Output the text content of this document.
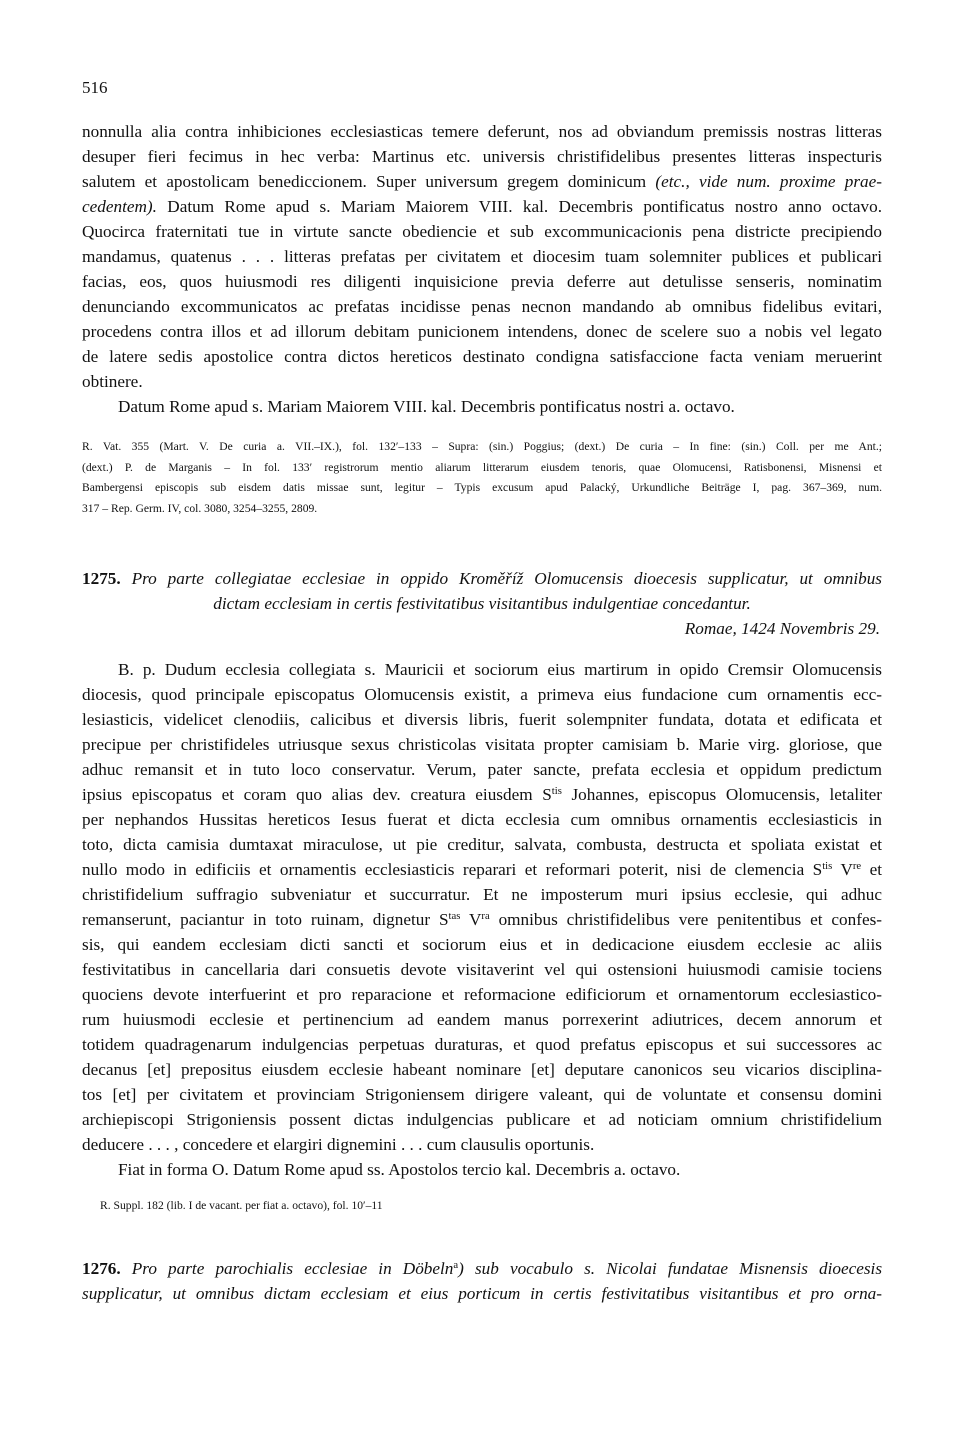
516
nonnulla alia contra inhibiciones ecclesiasticas temere deferunt, nos ad obviandum premissis nostras litteras
desuper fieri fecimus in hec verba: Martinus etc. universis christifidelibus presentes litteras inspecturis
salutem et apostolicam benediccionem. Super universum gregem dominicum (etc., vide num. proxime prae-
cedentem). Datum Rome apud s. Mariam Maiorem VIII. kal. Decembris pontificatus nostro anno octavo.
Quocirca fraternitati tue in virtute sancte obediencie et sub excommunicacionis pena districte precipiendo
mandamus, quatenus . . . litteras prefatas per civitatem et diocesim tuam solemniter publices et publicari
facias, eos, quos huiusmodi res diligenti inquisicione previa deferre aut detulisse senseris, nominatim
denunciando excommunicatos ac prefatas incidisse penas necnon mandando ab omnibus fidelibus evitari,
procedens contra illos et ad illorum debitam punicionem intendens, donec de scelere suo a nobis vel legato
de latere sedis apostolice contra dictos hereticos destinato condigna satisfaccione facta veniam meruerint
obtinere.
Datum Rome apud s. Mariam Maiorem VIII. kal. Decembris pontificatus nostri a. octavo.
R. Vat. 355 (Mart. V. De curia a. VII.–IX.), fol. 132′–133 – Supra: (sin.) Poggius; (dext.) De curia – In fine: (sin.) Coll. per me Ant.;
(dext.) P. de Marganis – In fol. 133′ registrorum mentio aliarum litterarum eiusdem tenoris, quae Olomucensi, Ratisbonensi, Misnensi et
Bambergensi episcopis sub eisdem datis missae sunt, legitur – Typis excusum apud Palacký, Urkundliche Beiträge I, pag. 367–369, num.
317 – Rep. Germ. IV, col. 3080, 3254–3255, 2809.
1275. Pro parte collegiatae ecclesiae in oppido Kroměříž Olomucensis dioecesis supplicatur, ut omnibus
dictam ecclesiam in certis festivitatibus visitantibus indulgentiae concedantur.
Romae, 1424 Novembris 29.
B. p. Dudum ecclesia collegiata s. Mauricii et sociorum eius martirum in opido Cremsir Olomucensis
diocesis, quod principale episcopatus Olomucensis existit, a primeva eius fundacione cum ornamentis ecc-
lesiasticis, videlicet clenodiis, calicibus et diversis libris, fuerit solempniter fundata, dotata et edificata et
precipue per christifideles utriusque sexus christicolas visitata propter camisiam b. Marie virg. gloriose, que
adhuc remansit et in tuto loco conservatur. Verum, pater sancte, prefata ecclesia et oppidum predictum
ipsius episcopatus et coram quo alias dev. creatura eiusdem $S^{tis}$ Johannes, episcopus Olomucensis, letaliter
per nephandos Hussitas hereticos Iesus fuerat et dicta ecclesia cum omnibus ornamentis ecclesiasticis in
toto, dicta camisia dumtaxat miraculose, ut pie creditur, salvata, combusta, destructa et spoliata existat et
nullo modo in edificiis et ornamentis ecclesiasticis reparari et reformari poterit, nisi de clemencia $S^{tis}$ Vre et
christifidelium suffragio subveniatur et succurratur. Et ne imposterum muri ipsius ecclesie, qui adhuc
remanserunt, paciantur in toto ruinam, dignetur $S^{tas}$ $V^{ra}$ omnibus christifidelibus vere penitentibus et confes-
sis, qui eandem ecclesiam dicti sancti et sociorum eius et in dedicacione eiusdem ecclesie ac aliis
festivitatibus in cancellaria dari consuetis devote visitaverint vel qui ostensioni huiusmodi camisie tociens
quociens devote interfuerint et pro reparacione et reformacione edificiorum et ornamentorum ecclesiastico-
rum huiusmodi ecclesie et pertinencium ad eandem manus porrexerint adiutrices, decem annorum et
totidem quadragenarum indulgencias perpetuas duraturas, et quod prefatus episcopus et sui successores ac
decanus [et] prepositus eiusdem ecclesie habeant nominare [et] deputare canonicos seu vicarios disciplina-
tos [et] per civitatem et provinciam Strigoniensem dirigere valeant, qui de voluntate et consensu domini
archiepiscopi Strigoniensis possent dictas indulgencias publicare et ad noticiam omnium christifidelium
deducere . . . , concedere et elargiri dignemini . . . cum clausulis oportunis.
Fiat in forma O. Datum Rome apud ss. Apostolos tercio kal. Decembris a. octavo.
R. Suppl. 182 (lib. I de vacant. per fiat a. octavo), fol. 10′–11
1276. Pro parte parochialis ecclesiae in Döbeln$^a$) sub vocabulo s. Nicolai fundatae Misnensis dioecesis
supplicatur, ut omnibus dictam ecclesiam et eius porticum in certis festivitatibus visitantibus et pro orna-
